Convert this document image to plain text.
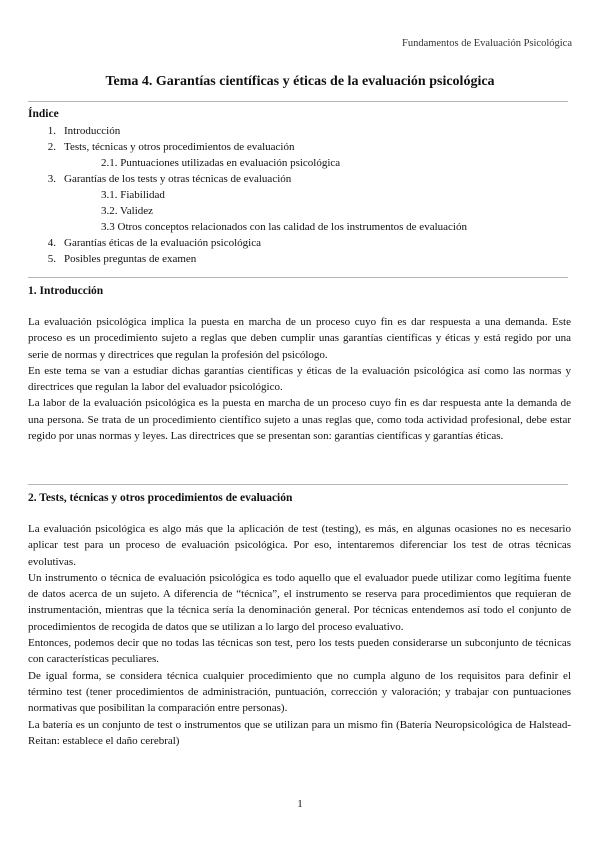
Fundamentos de Evaluación Psicológica
Tema 4. Garantías científicas y éticas de la evaluación psicológica
Índice
1. Introducción
2. Tests, técnicas y otros procedimientos de evaluación
2.1. Puntuaciones utilizadas en evaluación psicológica
3. Garantías de los tests y otras técnicas de evaluación
3.1. Fiabilidad
3.2. Validez
3.3 Otros conceptos relacionados con las calidad de los instrumentos de evaluación
4. Garantías éticas de la evaluación psicológica
5. Posibles preguntas de examen
1. Introducción

La evaluación psicológica implica la puesta en marcha de un proceso cuyo fin es dar respuesta a una demanda. Este proceso es un procedimiento sujeto a reglas que deben cumplir unas garantías científicas y éticas y está regido por una serie de normas y directrices que regulan la profesión del psicólogo.

En este tema se van a estudiar dichas garantías científicas y éticas de la evaluación psicológica así como las normas y directrices que regulan la labor del evaluador psicológico.

La labor de la evaluación psicológica es la puesta en marcha de un proceso cuyo fin es dar respuesta ante la demanda de una persona. Se trata de un procedimiento científico sujeto a unas reglas que, como toda actividad profesional, debe estar regido por unas normas y leyes. Las directrices que se presentan son: garantías científicas y garantías éticas.

2. Tests, técnicas y otros procedimientos de evaluación

La evaluación psicológica es algo más que la aplicación de test (testing), es más, en algunas ocasiones no es necesario aplicar test para un proceso de evaluación psicológica. Por eso, intentaremos diferenciar los test de otras técnicas evolutivas.

Un instrumento o técnica de evaluación psicológica es todo aquello que el evaluador puede utilizar como legítima fuente de datos acerca de un sujeto. A diferencia de “técnica”, el instrumento se reserva para procedimientos que requieran de instrumentación, mientras que la técnica sería la denominación general. Por técnicas entendemos así todo el conjunto de procedimientos de recogida de datos que se utilizan a lo largo del proceso evaluativo.

Entonces, podemos decir que no todas las técnicas son test, pero los tests pueden considerarse un subconjunto de técnicas con características peculiares.

De igual forma, se considera técnica cualquier procedimiento que no cumpla alguno de los requisitos para definir el término test (tener procedimientos de administración, puntuación, corrección y valoración; y trabajar con puntuaciones normativas que posibilitan la comparación entre personas).

La batería es un conjunto de test o instrumentos que se utilizan para un mismo fin (Batería Neuropsicológica de Halstead-Reitan: establece el daño cerebral)

1
